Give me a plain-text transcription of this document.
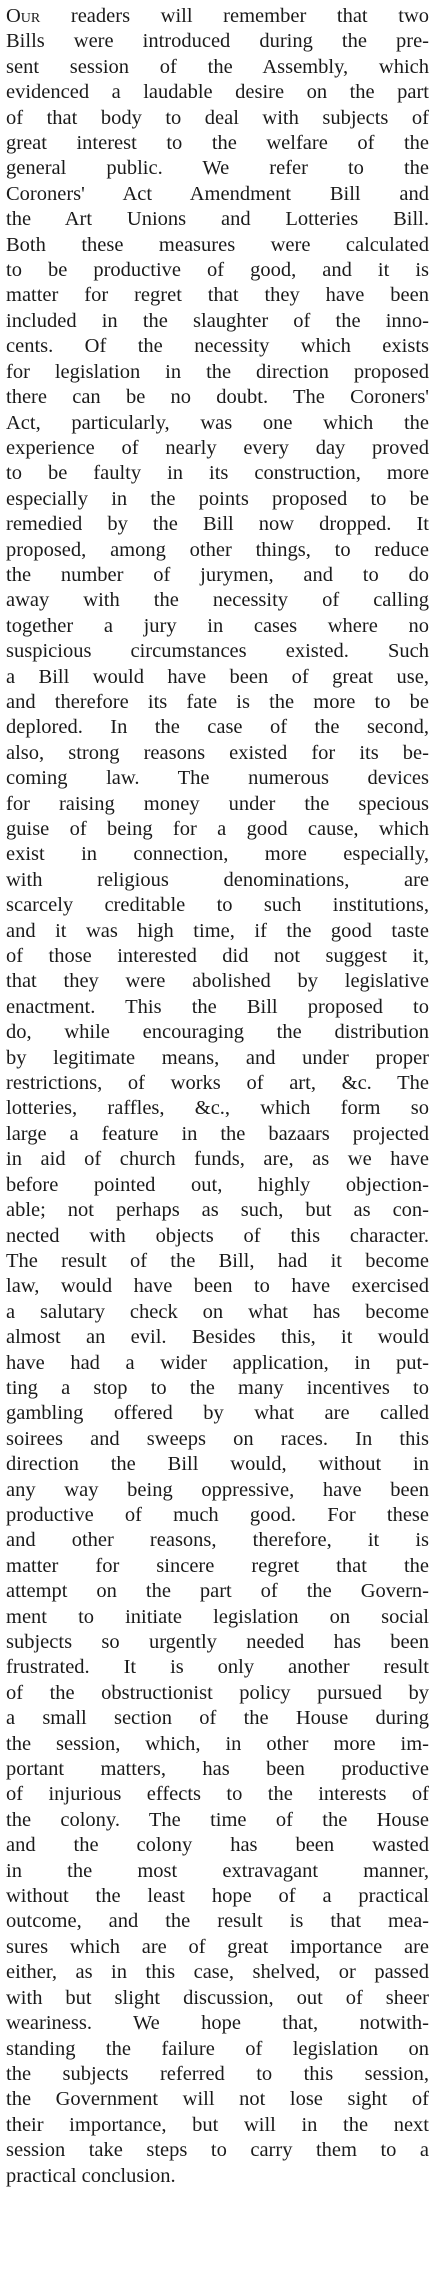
Our readers will remember that two
Bills were introduced during the pre-
sent session of the Assembly, which
evidenced a laudable desire on the part
of that body to deal with subjects of
great interest to the welfare of the
general public. We refer to the
Coroners' Act Amendment Bill and
the Art Unions and Lotteries Bill.
Both these measures were calculated
to be productive of good, and it is
matter for regret that they have been
included in the slaughter of the inno-
cents. Of the necessity which exists
for legislation in the direction proposed
there can be no doubt. The Coroners'
Act, particularly, was one which the
experience of nearly every day proved
to be faulty in its construction, more
especially in the points proposed to be
remedied by the Bill now dropped. It
proposed, among other things, to reduce
the number of jurymen, and to do
away with the necessity of calling
together a jury in cases where no
suspicious circumstances existed. Such
a Bill would have been of great use,
and therefore its fate is the more to be
deplored. In the case of the second,
also, strong reasons existed for its be-
coming law. The numerous devices
for raising money under the specious
guise of being for a good cause, which
exist in connection, more especially,
with religious denominations, are
scarcely creditable to such institutions,
and it was high time, if the good taste
of those interested did not suggest it,
that they were abolished by legislative
enactment. This the Bill proposed to
do, while encouraging the distribution
by legitimate means, and under proper
restrictions, of works of art, &c. The
lotteries, raffles, &c., which form so
large a feature in the bazaars projected
in aid of church funds, are, as we have
before pointed out, highly objection-
able; not perhaps as such, but as con-
nected with objects of this character.
The result of the Bill, had it become
law, would have been to have exercised
a salutary check on what has become
almost an evil. Besides this, it would
have had a wider application, in put-
ting a stop to the many incentives to
gambling offered by what are called
soirees and sweeps on races. In this
direction the Bill would, without in
any way being oppressive, have been
productive of much good. For these
and other reasons, therefore, it is
matter for sincere regret that the
attempt on the part of the Govern-
ment to initiate legislation on social
subjects so urgently needed has been
frustrated. It is only another result
of the obstructionist policy pursued by
a small section of the House during
the session, which, in other more im-
portant matters, has been productive
of injurious effects to the interests of
the colony. The time of the House
and the colony has been wasted
in the most extravagant manner,
without the least hope of a practical
outcome, and the result is that mea-
sures which are of great importance are
either, as in this case, shelved, or passed
with but slight discussion, out of sheer
weariness. We hope that, notwith-
standing the failure of legislation on
the subjects referred to this session,
the Government will not lose sight of
their importance, but will in the next
session take steps to carry them to a
practical conclusion.
